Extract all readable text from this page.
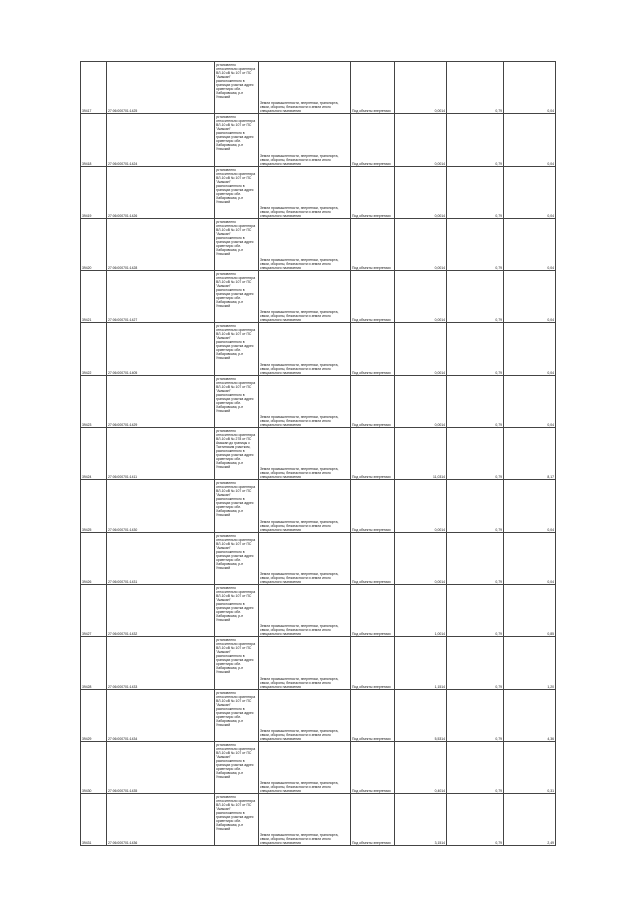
39417	27:06:000701:1425	установлено относительно ориентира ВЛ-10 кВ № 107 от ПС "Амыкан" расположенного в границах участка адрес ориентира: обл. Хабаровская, р-н Ульчский	Земли промышленности, энергетики, транспорта, связи, обороны, безопасности и земли иного специального назначения	Под объекты энергетики	0,0014	0,79	0,04
39418	27:06:000701:1424	установлено относительно ориентира ВЛ-10 кВ № 107 от ПС "Амыкан" расположенного в границах участка адрес ориентира: обл. Хабаровская, р-н Ульчский	Земли промышленности, энергетики, транспорта, связи, обороны, безопасности и земли иного специального назначения	Под объекты энергетики	0,0014	0,79	0,04
39419	27:06:000701:1426	установлено относительно ориентира ВЛ-10 кВ № 107 от ПС "Амыкан" расположенного в границах участка адрес ориентира: обл. Хабаровская, р-н Ульчский	Земли промышленности, энергетики, транспорта, связи, обороны, безопасности и земли иного специального назначения	Под объекты энергетики	0,0014	0,79	0,04
39420	27:06:000701:1428	установлено относительно ориентира ВЛ-10 кВ № 107 от ПС "Амыкан" расположенного в границах участка адрес ориентира: обл. Хабаровская, р-н Ульчский	Земли промышленности, энергетики, транспорта, связи, обороны, безопасности и земли иного специального назначения	Под объекты энергетики	0,0014	0,79	0,04
39421	27:06:000701:1427	установлено относительно ориентира ВЛ-10 кВ № 107 от ПС "Амыкан" расположенного в границах участка адрес ориентира: обл. Хабаровская, р-н Ульчский	Земли промышленности, энергетики, транспорта, связи, обороны, безопасности и земли иного специального назначения	Под объекты энергетики	0,0014	0,79	0,04
39422	27:06:000701:1405	установлено относительно ориентира ВЛ-10 кВ № 107 от ПС "Амыкан" расположенного в границах участка адрес ориентира: обл. Хабаровская, р-н Ульчский	Земли промышленности, энергетики, транспорта, связи, обороны, безопасности и земли иного специального назначения	Под объекты энергетики	0,0014	0,79	0,04
39423	27:06:000701:1429	установлено относительно ориентира ВЛ-10 кВ № 107 от ПС "Амыкан" расположенного в границах участка адрес ориентира: обл. Хабаровская, р-н Ульчский	Земли промышленности, энергетики, транспорта, связи, обороны, безопасности и земли иного специального назначения	Под объекты энергетики	0,0014	0,79	0,04
39424	27:06:000701:1411	установлено относительно ориентира ВЛ-10 кВ № 278 от ПС Амыкан до границы с Тахтинским участком, расположенного в границах участка адрес ориентира: обл. Хабаровская, р-н Ульчский	Земли промышленности, энергетики, транспорта, связи, обороны, безопасности и земли иного специального назначения	Под объекты энергетики	11,0314	0,79	8,17
39425	27:06:000701:1430	установлено относительно ориентира ВЛ-10 кВ № 107 от ПС "Амыкан" расположенного в границах участка адрес ориентира: обл. Хабаровская, р-н Ульчский	Земли промышленности, энергетики, транспорта, связи, обороны, безопасности и земли иного специального назначения	Под объекты энергетики	0,0014	0,79	0,04
39426	27:06:000701:1431	установлено относительно ориентира ВЛ-10 кВ № 107 от ПС "Амыкан" расположенного в границах участка адрес ориентира: обл. Хабаровская, р-н Ульчский	Земли промышленности, энергетики, транспорта, связи, обороны, безопасности и земли иного специального назначения	Под объекты энергетики	0,0014	0,79	0,04
39427	27:06:000701:1432	установлено относительно ориентира ВЛ-10 кВ № 107 от ПС "Амыкан" расположенного в границах участка адрес ориентира: обл. Хабаровская, р-н Ульчский	Земли промышленности, энергетики, транспорта, связи, обороны, безопасности и земли иного специального назначения	Под объекты энергетики	1,0014	0,79	0,85
39428	27:06:000701:1433	установлено относительно ориентира ВЛ-10 кВ № 107 от ПС "Амыкан" расположенного в границах участка адрес ориентира: обл. Хабаровская, р-н Ульчский	Земли промышленности, энергетики, транспорта, связи, обороны, безопасности и земли иного специального назначения	Под объекты энергетики	1,1514	0,79	1,20
39429	27:06:000701:1434	установлено относительно ориентира ВЛ-10 кВ № 107 от ПС "Амыкан" расположенного в границах участка адрес ориентира: обл. Хабаровская, р-н Ульчский	Земли промышленности, энергетики, транспорта, связи, обороны, безопасности и земли иного специального назначения	Под объекты энергетики	5,5314	0,79	4,36
39430	27:06:000701:1435	установлено относительно ориентира ВЛ-10 кВ № 107 от ПС "Амыкан" расположенного в границах участка адрес ориентира: обл. Хабаровская, р-н Ульчский	Земли промышленности, энергетики, транспорта, связи, обороны, безопасности и земли иного специального назначения	Под объекты энергетики	0,4014	0,79	0,31
39431	27:06:000701:1436	установлено относительно ориентира ВЛ-10 кВ № 107 от ПС "Амыкан" расположенного в границах участка адрес ориентира: обл. Хабаровская, р-н Ульчский	Земли промышленности, энергетики, транспорта, связи, обороны, безопасности и земли иного специального назначения	Под объекты энергетики	3,1514	0,79	2,49
